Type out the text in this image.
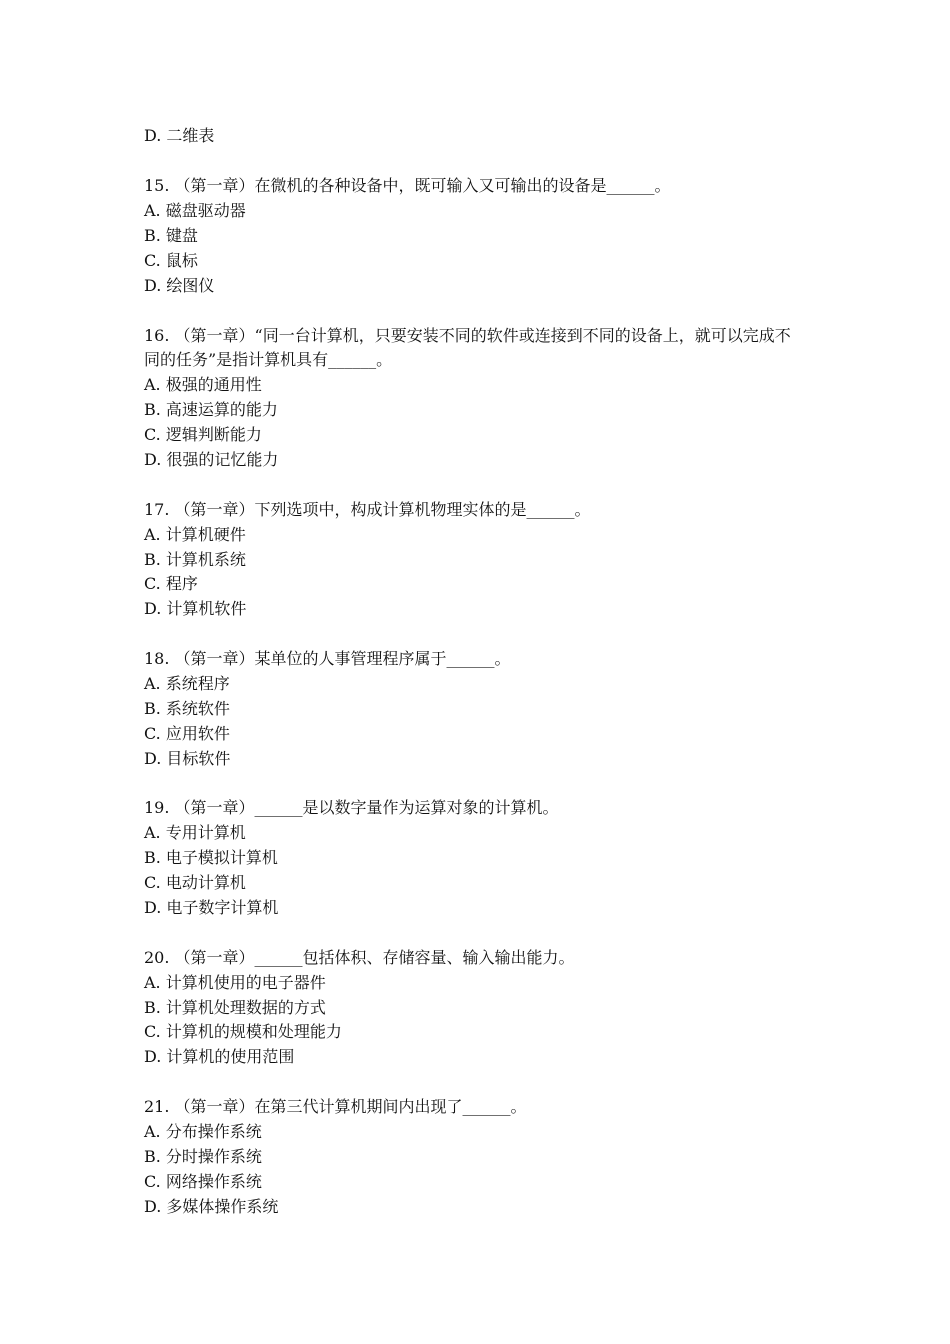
D. 二维表
15. （第一章）在微机的各种设备中，既可输入又可输出的设备是______。
A. 磁盘驱动器
B. 键盘
C. 鼠标
D. 绘图仪
16. （第一章）“同一台计算机，只要安装不同的软件或连接到不同的设备上，就可以完成不
同的任务”是指计算机具有______。
A. 极强的通用性
B. 高速运算的能力
C. 逻辑判断能力
D. 很强的记忆能力
17. （第一章）下列选项中，构成计算机物理实体的是______。
A. 计算机硬件
B. 计算机系统
C. 程序
D. 计算机软件
18. （第一章）某单位的人事管理程序属于______。
A. 系统程序
B. 系统软件
C. 应用软件
D. 目标软件
19. （第一章）______是以数字量作为运算对象的计算机。
A. 专用计算机
B. 电子模拟计算机
C. 电动计算机
D. 电子数字计算机
20. （第一章）______包括体积、存储容量、输入输出能力。
A. 计算机使用的电子器件
B. 计算机处理数据的方式
C. 计算机的规模和处理能力
D. 计算机的使用范围
21. （第一章）在第三代计算机期间内出现了______。
A. 分布操作系统
B. 分时操作系统
C. 网络操作系统
D. 多媒体操作系统
